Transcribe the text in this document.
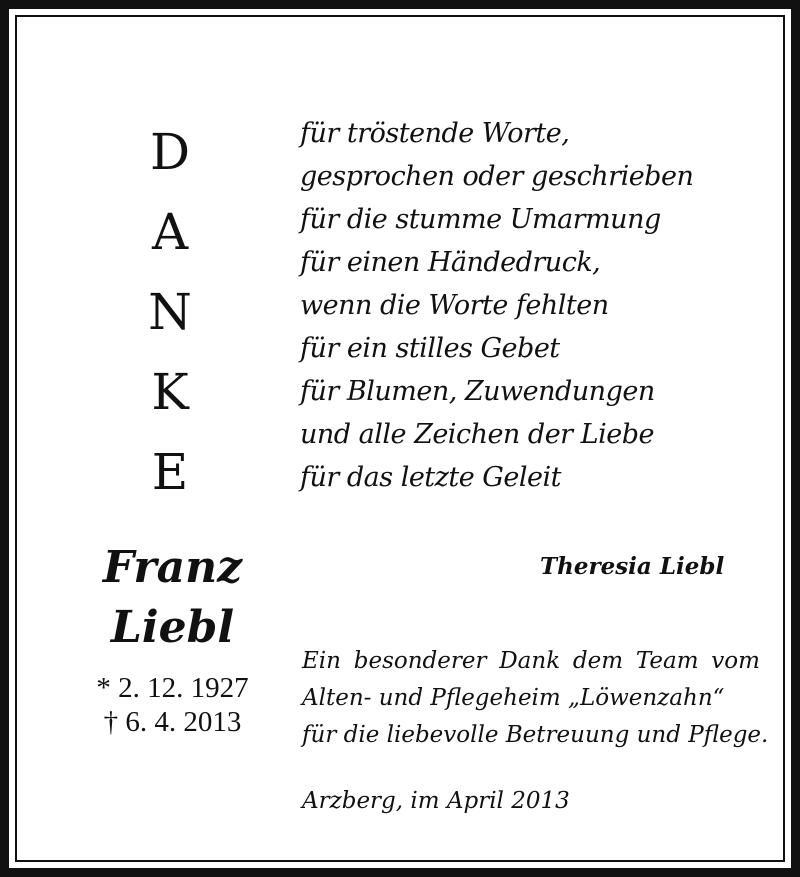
D
A
N
K
E
für tröstende Worte,
gesprochen oder geschrieben
für die stumme Umarmung
für einen Händedruck,
wenn die Worte fehlten
für ein stilles Gebet
für Blumen, Zuwendungen
und alle Zeichen der Liebe
für das letzte Geleit
Franz
Liebl
* 2. 12. 1927
† 6. 4. 2013
Theresia Liebl
Ein besonderer Dank dem Team vom
Alten- und Pflegeheim „Löwenzahn“
für die liebevolle Betreuung und Pflege.
Arzberg, im April 2013
